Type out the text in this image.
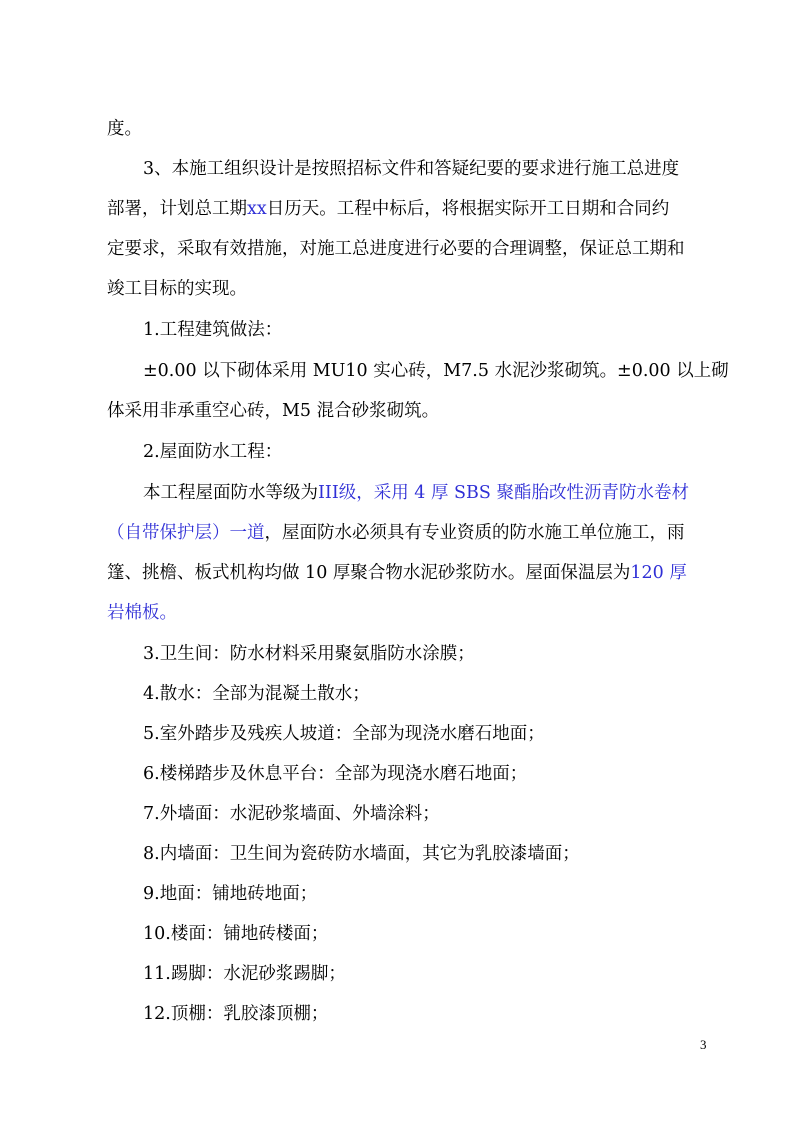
度。
3、本施工组织设计是按照招标文件和答疑纪要的要求进行施工总进度
部署，计划总工期xx日历天。工程中标后，将根据实际开工日期和合同约
定要求，采取有效措施，对施工总进度进行必要的合理调整，保证总工期和
竣工目标的实现。
1.工程建筑做法：
±0.00 以下砌体采用 MU10 实心砖，M7.5 水泥沙浆砌筑。±0.00 以上砌
体采用非承重空心砖，M5 混合砂浆砌筑。
2.屋面防水工程：
本工程屋面防水等级为III级，采用 4 厚 SBS 聚酯胎改性沥青防水卷材
（自带保护层）一道，屋面防水必须具有专业资质的防水施工单位施工，雨
篷、挑檐、板式机构均做 10 厚聚合物水泥砂浆防水。屋面保温层为120 厚
岩棉板。
3.卫生间：防水材料采用聚氨脂防水涂膜；
4.散水：全部为混凝土散水；
5.室外踏步及残疾人坡道：全部为现浇水磨石地面；
6.楼梯踏步及休息平台：全部为现浇水磨石地面；
7.外墙面：水泥砂浆墙面、外墙涂料；
8.内墙面：卫生间为瓷砖防水墙面，其它为乳胶漆墙面；
9.地面：铺地砖地面；
10.楼面：铺地砖楼面；
11.踢脚：水泥砂浆踢脚；
12.顶棚：乳胶漆顶棚；
3
